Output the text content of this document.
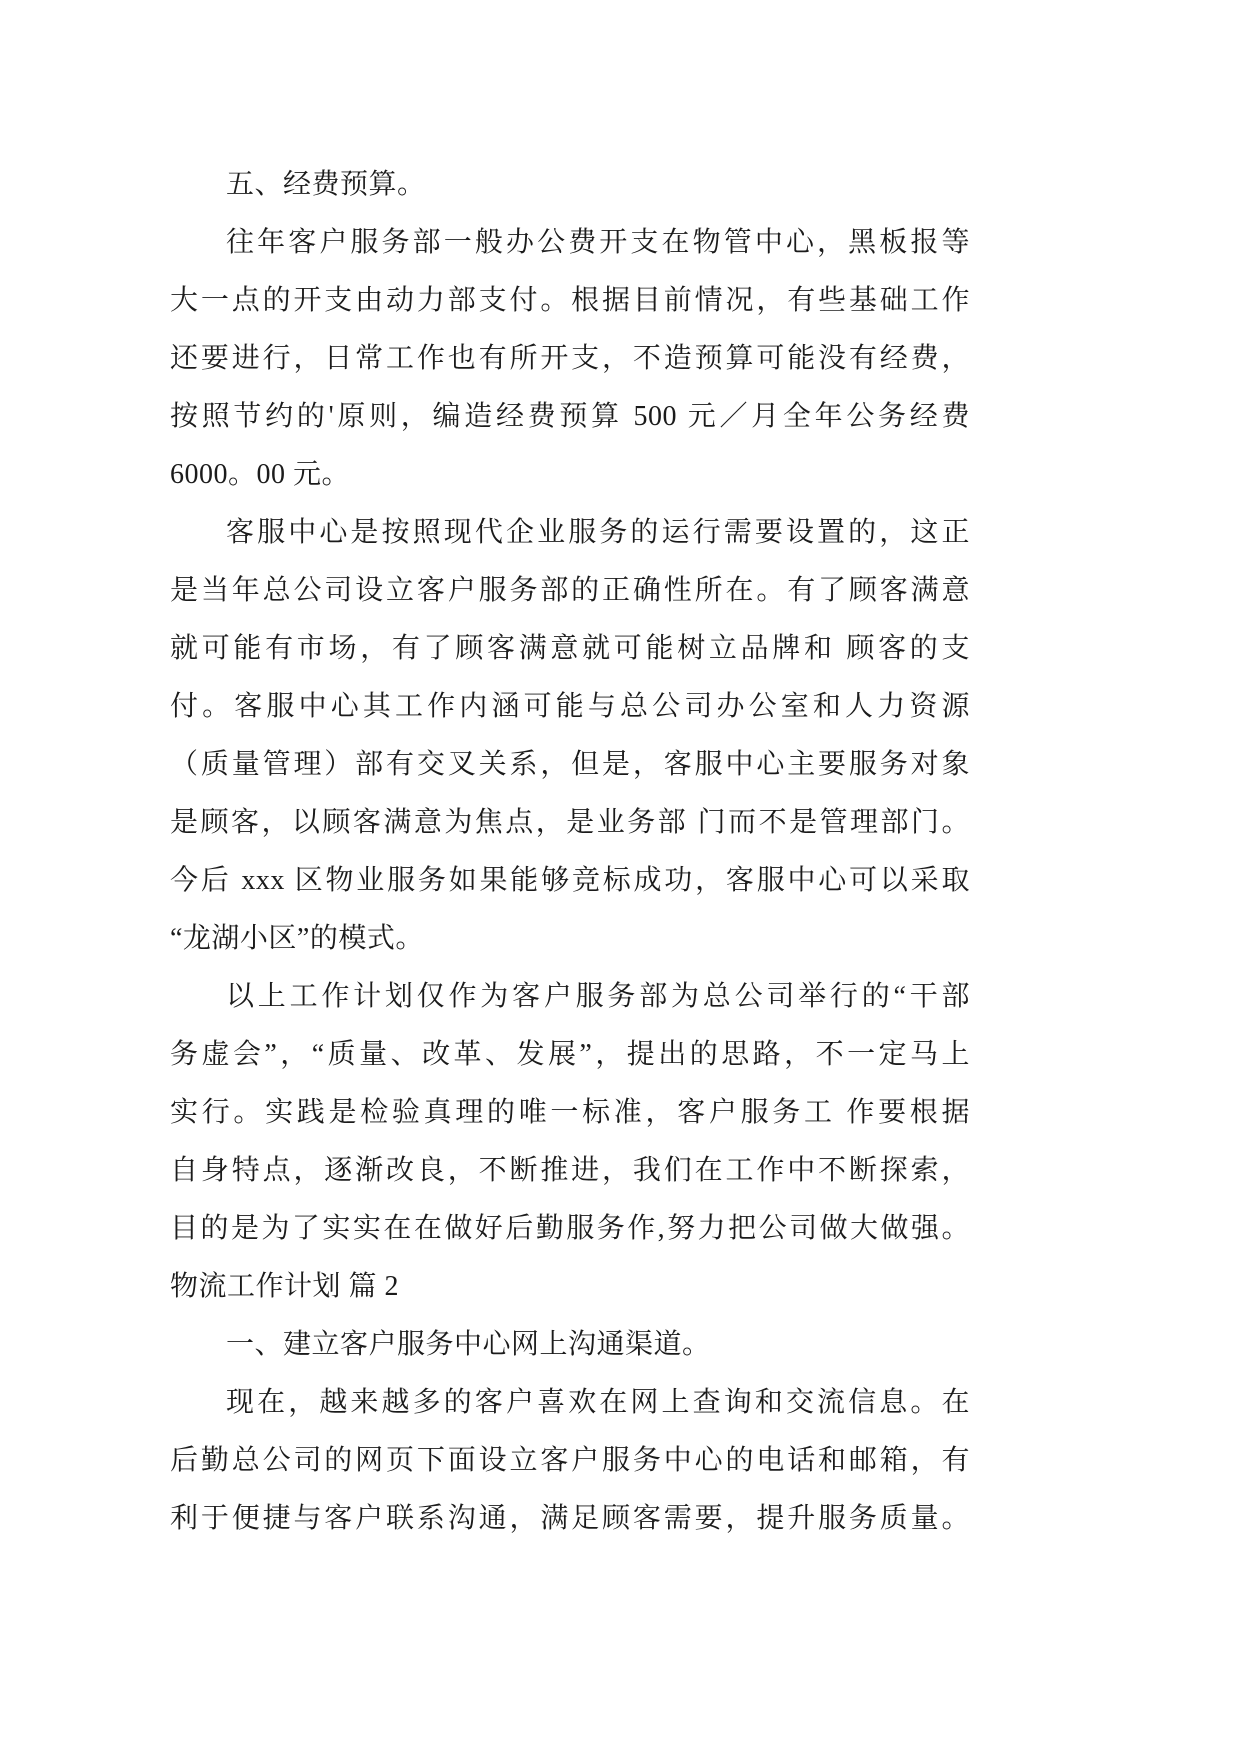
五、经费预算。
往年客户服务部一般办公费开支在物管中心，黑板报等
大一点的开支由动力部支付。根据目前情况，有些基础工作
还要进行，日常工作也有所开支，不造预算可能没有经费，
按照节约的'原则，编造经费预算 500 元／月全年公务经费
6000。00 元。
客服中心是按照现代企业服务的运行需要设置的，这正
是当年总公司设立客户服务部的正确性所在。有了顾客满意
就可能有市场，有了顾客满意就可能树立品牌和 顾客的支
付。客服中心其工作内涵可能与总公司办公室和人力资源
（质量管理）部有交叉关系，但是，客服中心主要服务对象
是顾客，以顾客满意为焦点，是业务部 门而不是管理部门。
今后 xxx 区物业服务如果能够竞标成功，客服中心可以采取
“龙湖小区”的模式。
以上工作计划仅作为客户服务部为总公司举行的“干部
务虚会”，“质量、改革、发展”，提出的思路，不一定马上
实行。实践是检验真理的唯一标准，客户服务工 作要根据
自身特点，逐渐改良，不断推进，我们在工作中不断探索，
目的是为了实实在在做好后勤服务作,努力把公司做大做强。
物流工作计划 篇 2
一、建立客户服务中心网上沟通渠道。
现在，越来越多的客户喜欢在网上查询和交流信息。在
后勤总公司的网页下面设立客户服务中心的电话和邮箱，有
利于便捷与客户联系沟通，满足顾客需要，提升服务质量。
